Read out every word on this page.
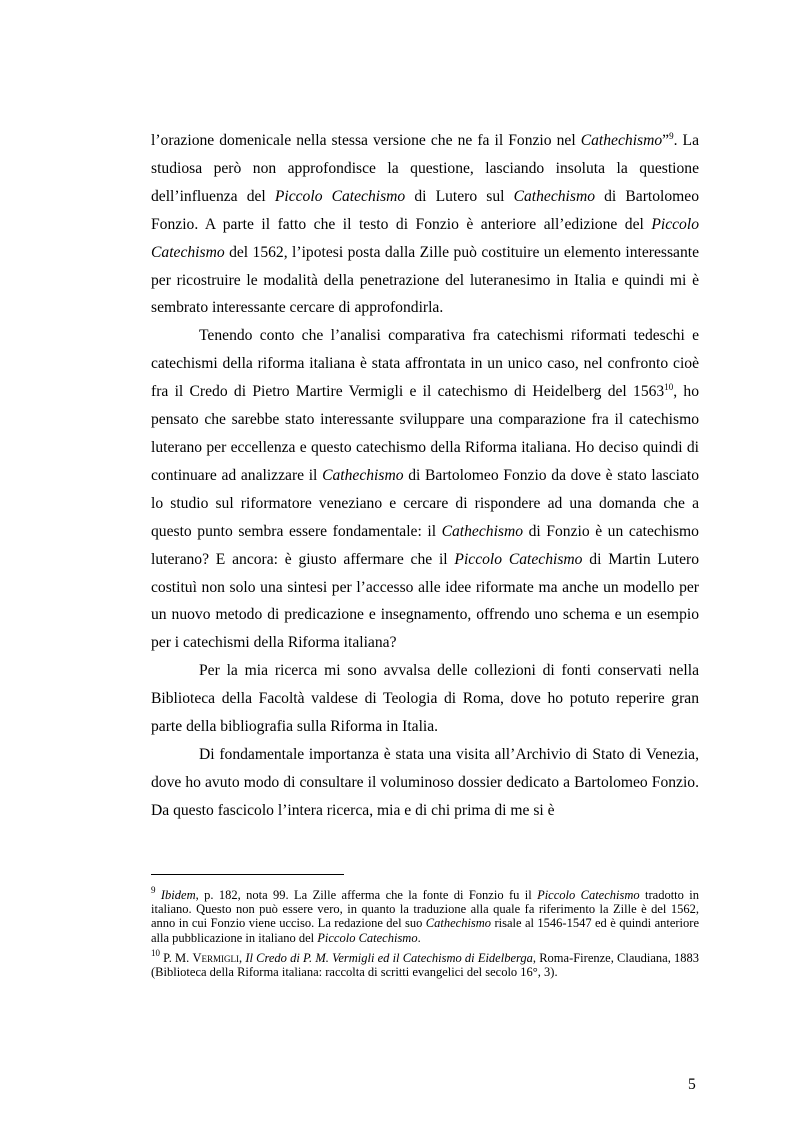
l’orazione domenicale nella stessa versione che ne fa il Fonzio nel Cathechismo”$^9$. La studiosa però non approfondisce la questione, lasciando insoluta la questione dell’influenza del Piccolo Catechismo di Lutero sul Cathechismo di Bartolomeo Fonzio. A parte il fatto che il testo di Fonzio è anteriore all’edizione del Piccolo Catechismo del 1562, l’ipotesi posta dalla Zille può costituire un elemento interessante per ricostruire le modalità della penetrazione del luteranesimo in Italia e quindi mi è sembrato interessante cercare di approfondirla.

Tenendo conto che l’analisi comparativa fra catechismi riformati tedeschi e catechismi della riforma italiana è stata affrontata in un unico caso, nel confronto cioè fra il Credo di Pietro Martire Vermigli e il catechismo di Heidelberg del 1563$^{10}$, ho pensato che sarebbe stato interessante sviluppare una comparazione fra il catechismo luterano per eccellenza e questo catechismo della Riforma italiana. Ho deciso quindi di continuare ad analizzare il Cathechismo di Bartolomeo Fonzio da dove è stato lasciato lo studio sul riformatore veneziano e cercare di rispondere ad una domanda che a questo punto sembra essere fondamentale: il Cathechismo di Fonzio è un catechismo luterano? E ancora: è giusto affermare che il Piccolo Catechismo di Martin Lutero costituì non solo una sintesi per l’accesso alle idee riformate ma anche un modello per un nuovo metodo di predicazione e insegnamento, offrendo uno schema e un esempio per i catechismi della Riforma italiana?

Per la mia ricerca mi sono avvalsa delle collezioni di fonti conservati nella Biblioteca della Facoltà valdese di Teologia di Roma, dove ho potuto reperire gran parte della bibliografia sulla Riforma in Italia.

Di fondamentale importanza è stata una visita all’Archivio di Stato di Venezia, dove ho avuto modo di consultare il voluminoso dossier dedicato a Bartolomeo Fonzio. Da questo fascicolo l’intera ricerca, mia e di chi prima di me si è

$^9$ Ibidem, p. 182, nota 99. La Zille afferma che la fonte di Fonzio fu il Piccolo Catechismo tradotto in italiano. Questo non può essere vero, in quanto la traduzione alla quale fa riferimento la Zille è del 1562, anno in cui Fonzio viene ucciso. La redazione del suo Cathechismo risale al 1546-1547 ed è quindi anteriore alla pubblicazione in italiano del Piccolo Catechismo.

$^{10}$ P. M. Vermigli, Il Credo di P. M. Vermigli ed il Catechismo di Eidelberga, Roma-Firenze, Claudiana, 1883 (Biblioteca della Riforma italiana: raccolta di scritti evangelici del secolo 16°, 3).

5
